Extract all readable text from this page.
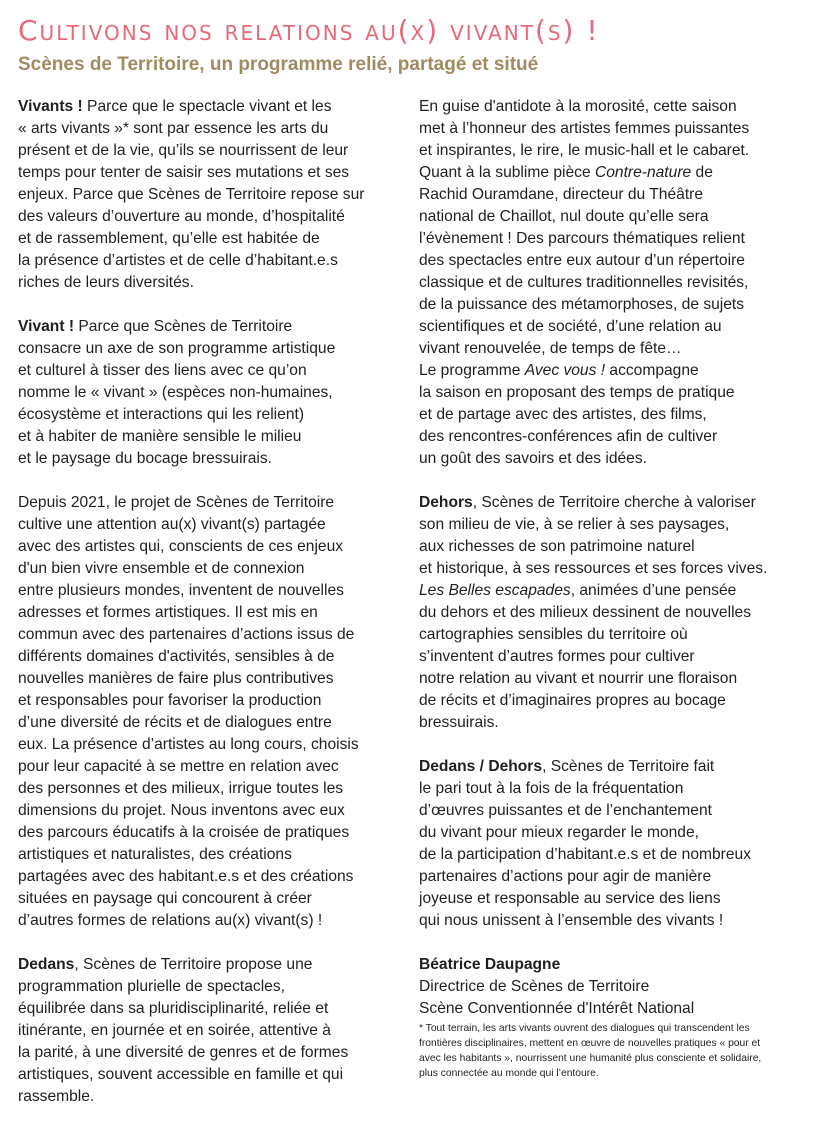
Cultivons nos relations au(x) vivant(s) !
Scènes de Territoire, un programme relié, partagé et situé

Vivants ! Parce que le spectacle vivant et les
« arts vivants »* sont par essence les arts du
présent et de la vie, qu’ils se nourrissent de leur
temps pour tenter de saisir ses mutations et ses
enjeux. Parce que Scènes de Territoire repose sur
des valeurs d’ouverture au monde, d’hospitalité
et de rassemblement, qu’elle est habitée de
la présence d’artistes et de celle d’habitant.e.s
riches de leurs diversités.

Vivant ! Parce que Scènes de Territoire
consacre un axe de son programme artistique
et culturel à tisser des liens avec ce qu’on
nomme le « vivant » (espèces non-humaines,
écosystème et interactions qui les relient)
et à habiter de manière sensible le milieu
et le paysage du bocage bressuirais.

Depuis 2021, le projet de Scènes de Territoire
cultive une attention au(x) vivant(s) partagée
avec des artistes qui, conscients de ces enjeux
d'un bien vivre ensemble et de connexion
entre plusieurs mondes, inventent de nouvelles
adresses et formes artistiques. Il est mis en
commun avec des partenaires d’actions issus de
différents domaines d'activités, sensibles à de
nouvelles manières de faire plus contributives
et responsables pour favoriser la production
d’une diversité de récits et de dialogues entre
eux. La présence d’artistes au long cours, choisis
pour leur capacité à se mettre en relation avec
des personnes et des milieux, irrigue toutes les
dimensions du projet. Nous inventons avec eux
des parcours éducatifs à la croisée de pratiques
artistiques et naturalistes, des créations
partagées avec des habitant.e.s et des créations
situées en paysage qui concourent à créer
d’autres formes de relations au(x) vivant(s) !

Dedans, Scènes de Territoire propose une
programmation plurielle de spectacles,
équilibrée dans sa pluridisciplinarité, reliée et
itinérante, en journée et en soirée, attentive à
la parité, à une diversité de genres et de formes
artistiques, souvent accessible en famille et qui
rassemble.

En guise d'antidote à la morosité, cette saison
met à l’honneur des artistes femmes puissantes
et inspirantes, le rire, le music-hall et le cabaret.
Quant à la sublime pièce Contre-nature de
Rachid Ouramdane, directeur du Théâtre
national de Chaillot, nul doute qu’elle sera
l’évènement ! Des parcours thématiques relient
des spectacles entre eux autour d’un répertoire
classique et de cultures traditionnelles revisités,
de la puissance des métamorphoses, de sujets
scientifiques et de société, d’une relation au
vivant renouvelée, de temps de fête…
Le programme Avec vous ! accompagne
la saison en proposant des temps de pratique
et de partage avec des artistes, des films,
des rencontres-conférences afin de cultiver
un goût des savoirs et des idées.

Dehors, Scènes de Territoire cherche à valoriser
son milieu de vie, à se relier à ses paysages,
aux richesses de son patrimoine naturel
et historique, à ses ressources et ses forces vives.
Les Belles escapades, animées d’une pensée
du dehors et des milieux dessinent de nouvelles
cartographies sensibles du territoire où
s’inventent d’autres formes pour cultiver
notre relation au vivant et nourrir une floraison
de récits et d’imaginaires propres au bocage
bressuirais.

Dedans / Dehors, Scènes de Territoire fait
le pari tout à la fois de la fréquentation
d’œuvres puissantes et de l’enchantement
du vivant pour mieux regarder le monde,
de la participation d’habitant.e.s et de nombreux
partenaires d’actions pour agir de manière
joyeuse et responsable au service des liens
qui nous unissent à l’ensemble des vivants !

Béatrice Daupagne
Directrice de Scènes de Territoire
Scène Conventionnée d'Intérêt National
* Tout terrain, les arts vivants ouvrent des dialogues qui transcendent les
frontières disciplinaires, mettent en œuvre de nouvelles pratiques « pour et
avec les habitants », nourrissent une humanité plus consciente et solidaire,
plus connectée au monde qui l’entoure.
